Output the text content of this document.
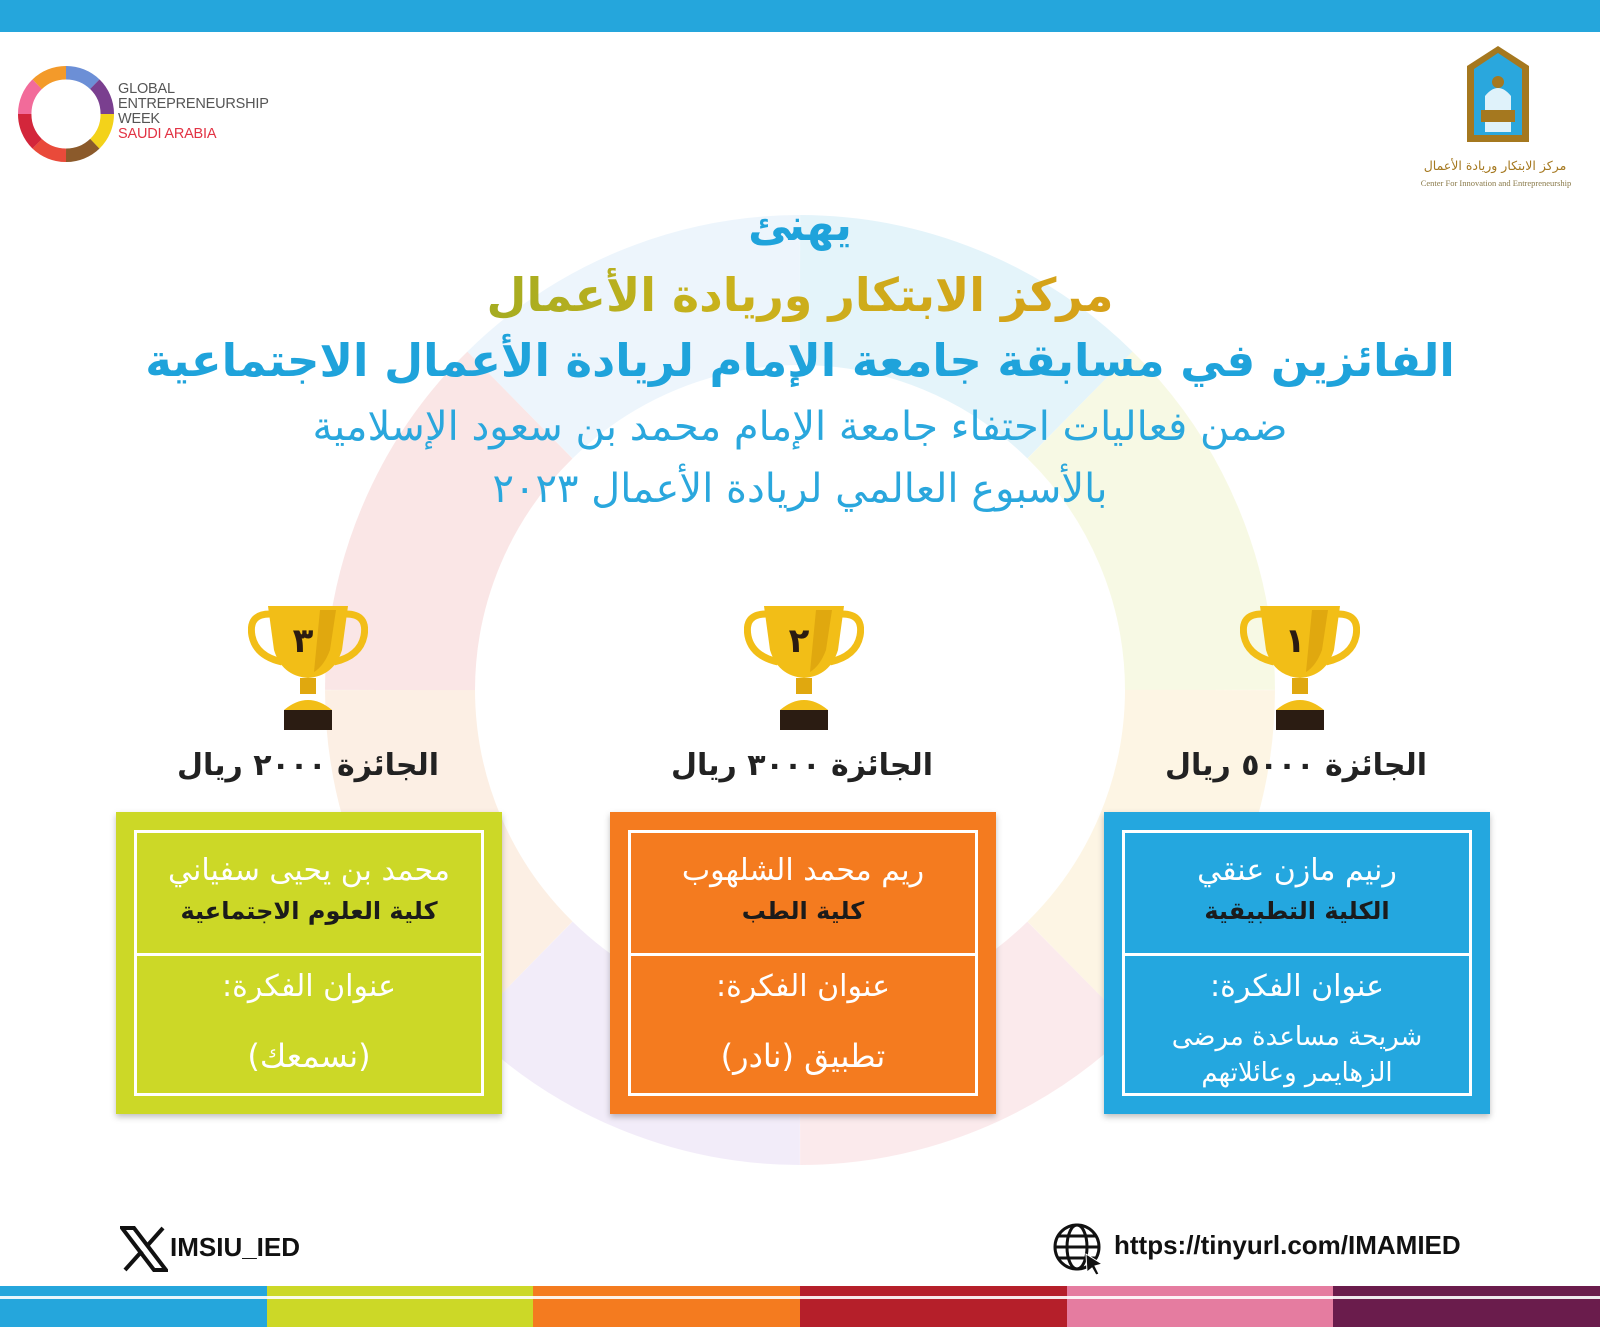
GLOBAL
ENTREPRENEURSHIP
WEEK
SAUDI ARABIA
مركز الابتكار وريادة الأعمال
Center For Innovation and Entrepreneurship
يهنئ
مركز الابتكار وريادة الأعمال
الفائزين في مسابقة جامعة الإمام لريادة الأعمال الاجتماعية
ضمن فعاليات احتفاء جامعة الإمام محمد بن سعود الإسلامية
بالأسبوع العالمي لريادة الأعمال ٢٠٢٣
٣	٢	١
الجائزة ٢٠٠٠ ريال	الجائزة ٣٠٠٠ ريال	الجائزة ٥٠٠٠ ريال
محمد بن يحيى سفياني
كلية العلوم الاجتماعية
عنوان الفكرة:
(نسمعك)
ريم محمد الشلهوب
كلية الطب
عنوان الفكرة:
تطبيق (نادر)
رنيم مازن عنقي
الكلية التطبيقية
عنوان الفكرة:
شريحة مساعدة مرضى
الزهايمر وعائلاتهم
IMSIU_IED	https://tinyurl.com/IMAMIED
